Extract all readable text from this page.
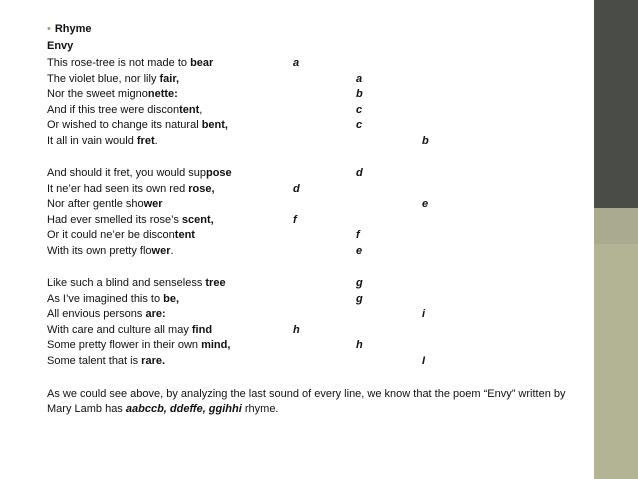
• Rhyme
Envy
This rose-tree is not made to bear	a
The violet blue, nor lily fair,	a
Nor the sweet mignonette:	b
And if this tree were discontent,	c
Or wished to change its natural bent,	c
It all in vain would fret.	b
And should it fret, you would suppose	d
It ne’er had seen its own red rose,	d
Nor after gentle shower	e
Had ever smelled its rose’s scent,	f
Or it could ne’er be discontent	f
With its own pretty flower.	e
Like such a blind and senseless tree	g
As I’ve imagined this to be,	g
All envious persons are:	i
With care and culture all may find	h
Some pretty flower in their own mind,	h
Some talent that is rare.	I
As we could see above, by analyzing the last sound of every line, we know that the poem “Envy” written by Mary Lamb has aabccb, ddeffe, ggihhi rhyme.
